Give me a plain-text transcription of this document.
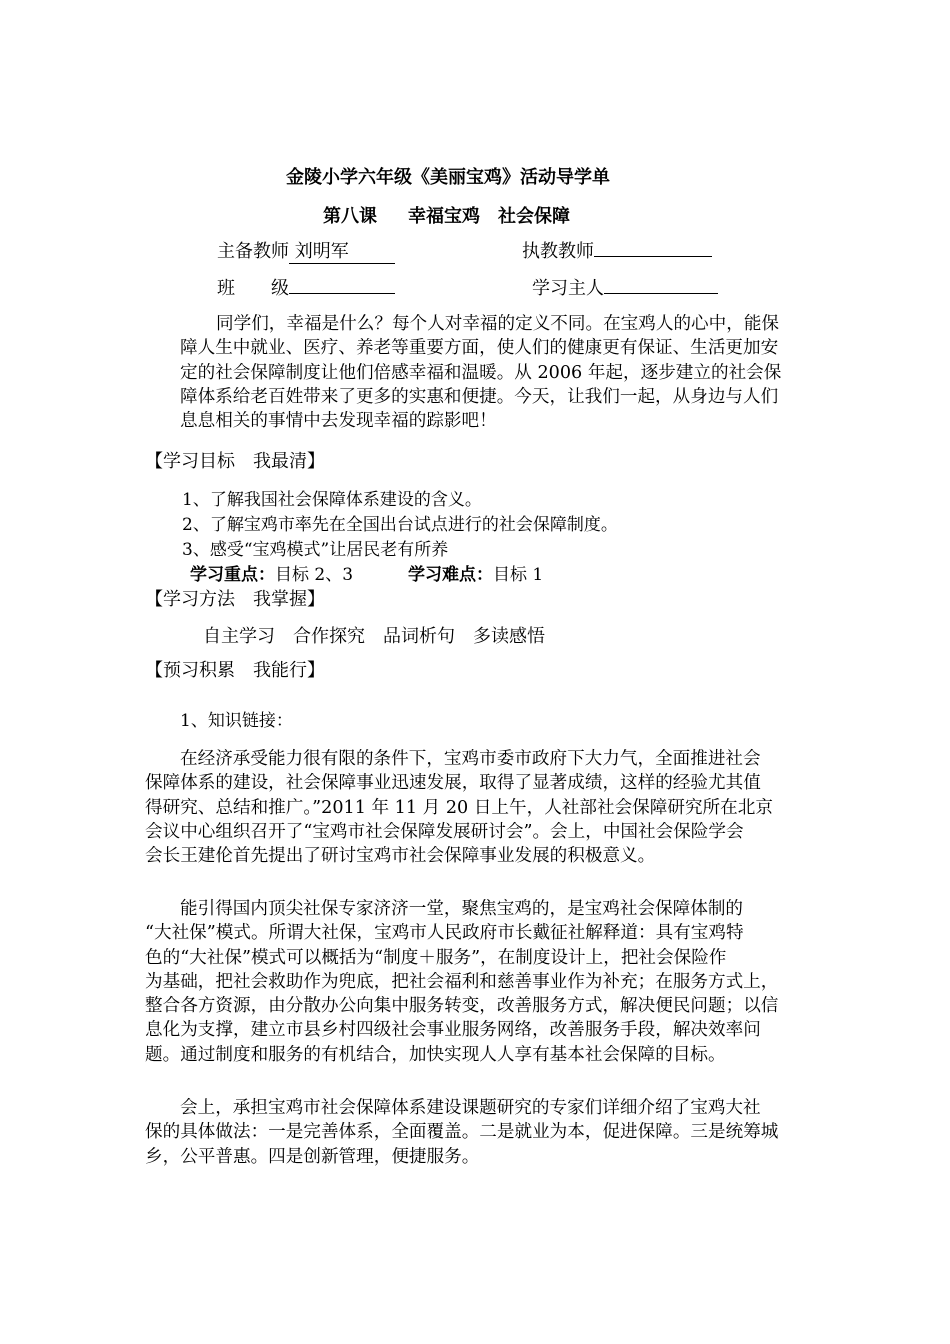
金陵小学六年级《美丽宝鸡》活动导学单
第八课 幸福宝鸡　社会保障
主备教师 刘明军	执教教师
班　　级	学习主人
同学们，幸福是什么？每个人对幸福的定义不同。在宝鸡人的心中，能保
障人生中就业、医疗、养老等重要方面，使人们的健康更有保证、生活更加安
定的社会保障制度让他们倍感幸福和温暖。从 2006 年起，逐步建立的社会保
障体系给老百姓带来了更多的实惠和便捷。今天，让我们一起，从身边与人们
息息相关的事情中去发现幸福的踪影吧！
【学习目标　我最清】
1、了解我国社会保障体系建设的含义。
2、了解宝鸡市率先在全国出台试点进行的社会保障制度。
3、感受“宝鸡模式”让居民老有所养
学习重点：目标 2、3	学习难点：目标 1
【学习方法　我掌握】
自主学习　合作探究　品词析句　多读感悟
【预习积累　我能行】
1、知识链接：
在经济承受能力很有限的条件下，宝鸡市委市政府下大力气，全面推进社会
保障体系的建设，社会保障事业迅速发展，取得了显著成绩，这样的经验尤其值
得研究、总结和推广。”2011 年 11 月 20 日上午，人社部社会保障研究所在北京
会议中心组织召开了“宝鸡市社会保障发展研讨会”。会上，中国社会保险学会
会长王建伦首先提出了研讨宝鸡市社会保障事业发展的积极意义。
能引得国内顶尖社保专家济济一堂，聚焦宝鸡的，是宝鸡社会保障体制的
“大社保”模式。所谓大社保，宝鸡市人民政府市长戴征社解释道：具有宝鸡特
色的“大社保”模式可以概括为“制度＋服务”，在制度设计上，把社会保险作
为基础，把社会救助作为兜底，把社会福利和慈善事业作为补充；在服务方式上，
整合各方资源，由分散办公向集中服务转变，改善服务方式，解决便民问题；以信
息化为支撑，建立市县乡村四级社会事业服务网络，改善服务手段，解决效率问
题。通过制度和服务的有机结合，加快实现人人享有基本社会保障的目标。
会上，承担宝鸡市社会保障体系建设课题研究的专家们详细介绍了宝鸡大社
保的具体做法：一是完善体系，全面覆盖。二是就业为本，促进保障。三是统筹城
乡，公平普惠。四是创新管理，便捷服务。
